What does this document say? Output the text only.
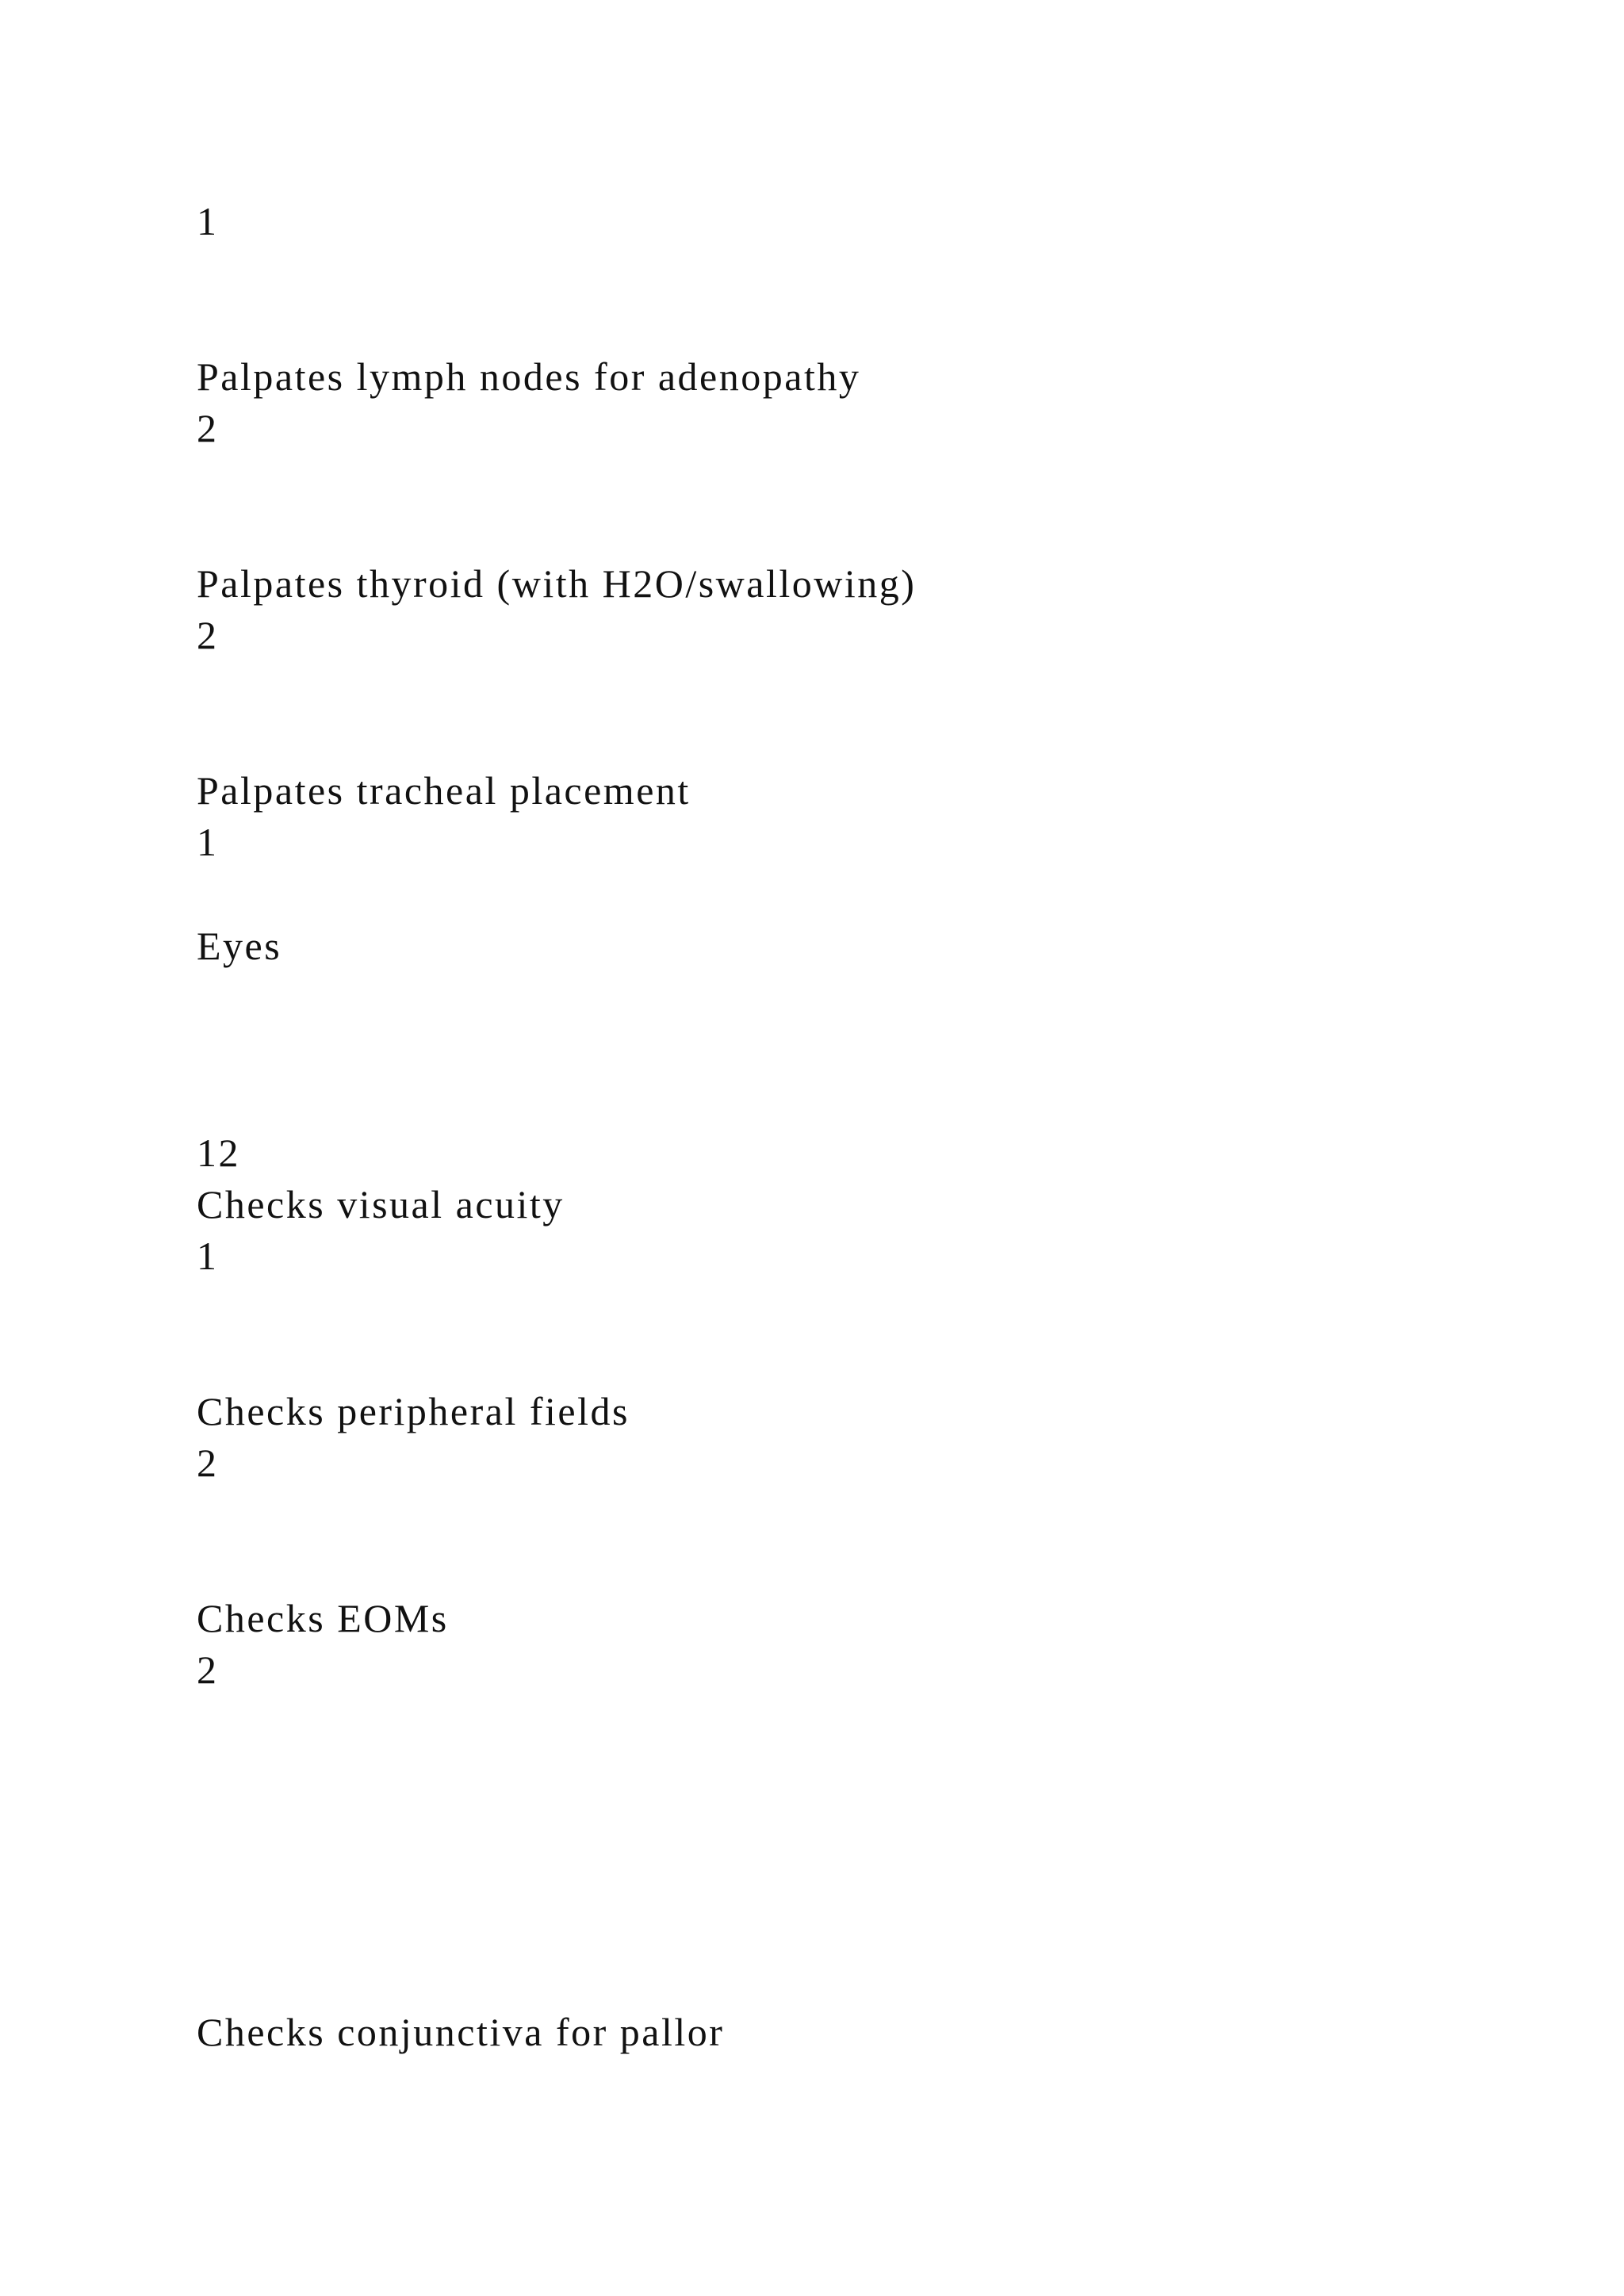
1

Palpates lymph nodes for adenopathy

2

Palpates thyroid (with H2O/swallowing)

2

Palpates tracheal placement

1

Eyes

12

Checks visual acuity

1

Checks peripheral fields

2

Checks EOMs

2

Checks conjunctiva for pallor
